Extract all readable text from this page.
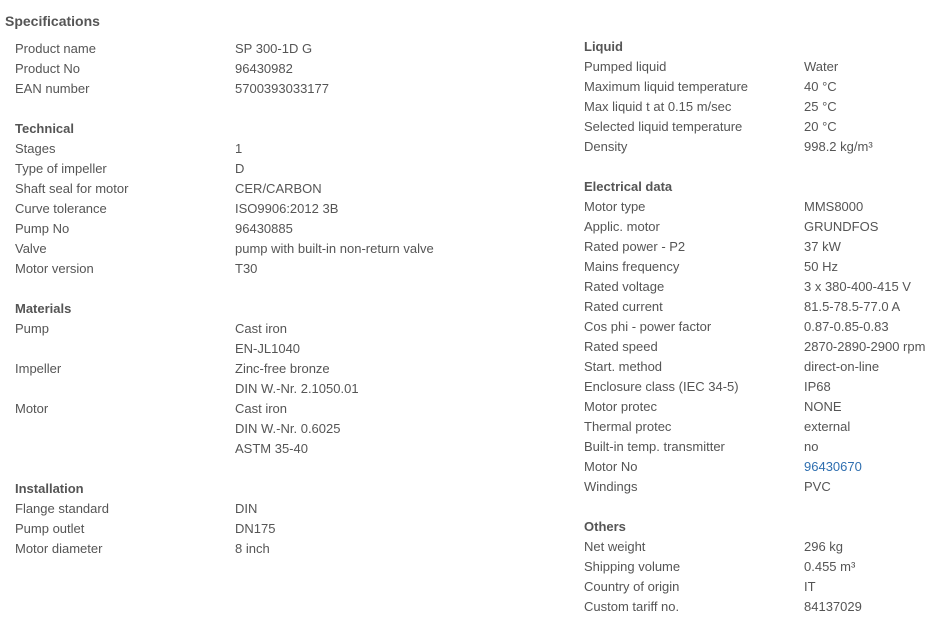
Specifications
Product name	SP 300-1D G
Product No	96430982
EAN number	5700393033177
Technical
Stages	1
Type of impeller	D
Shaft seal for motor	CER/CARBON
Curve tolerance	ISO9906:2012 3B
Pump No	96430885
Valve	pump with built-in non-return valve
Motor version	T30
Materials
Pump	Cast iron
EN-JL1040
Impeller	Zinc-free bronze
DIN W.-Nr. 2.1050.01
Motor	Cast iron
DIN W.-Nr. 0.6025
ASTM 35-40
Installation
Flange standard	DIN
Pump outlet	DN175
Motor diameter	8 inch
Liquid
Pumped liquid	Water
Maximum liquid temperature	40 °C
Max liquid t at 0.15 m/sec	25 °C
Selected liquid temperature	20 °C
Density	998.2 kg/m³
Electrical data
Motor type	MMS8000
Applic. motor	GRUNDFOS
Rated power - P2	37 kW
Mains frequency	50 Hz
Rated voltage	3 x 380-400-415 V
Rated current	81.5-78.5-77.0 A
Cos phi - power factor	0.87-0.85-0.83
Rated speed	2870-2890-2900 rpm
Start. method	direct-on-line
Enclosure class (IEC 34-5)	IP68
Motor protec	NONE
Thermal protec	external
Built-in temp. transmitter	no
Motor No	96430670
Windings	PVC
Others
Net weight	296 kg
Shipping volume	0.455 m³
Country of origin	IT
Custom tariff no.	84137029
